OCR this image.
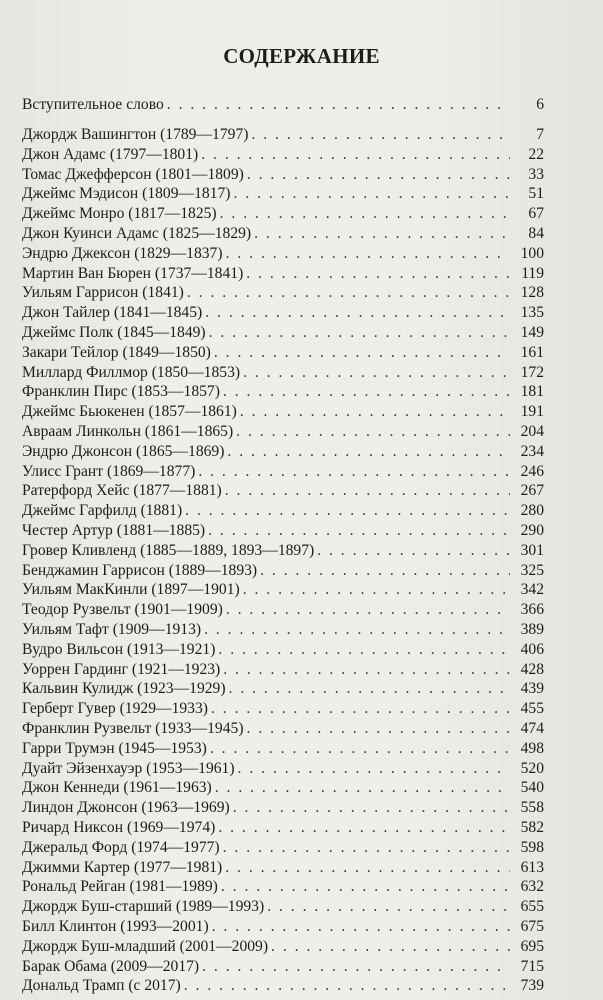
СОДЕРЖАНИЕ
Вступительное слово . . .	6
Джордж Вашингтон (1789—1797) . . .	7
Джон Адамс (1797—1801) . . .	22
Томас Джефферсон (1801—1809) . . .	33
Джеймс Мэдисон (1809—1817) . . .	51
Джеймс Монро (1817—1825) . . .	67
Джон Куинси Адамс (1825—1829) . . .	84
Эндрю Джексон (1829—1837) . . .	100
Мартин Ван Бюрен (1737—1841) . . .	119
Уильям Гаррисон (1841) . . .	128
Джон Тайлер (1841—1845) . . .	135
Джеймс Полк (1845—1849) . . .	149
Закари Тейлор (1849—1850) . . .	161
Миллард Филлмор (1850—1853) . . .	172
Франклин Пирс (1853—1857) . . .	181
Джеймс Бьюкенен (1857—1861) . . .	191
Авраам Линкольн (1861—1865) . . .	204
Эндрю Джонсон (1865—1869) . . .	234
Улисс Грант (1869—1877) . . .	246
Ратерфорд Хейс (1877—1881) . . .	267
Джеймс Гарфилд (1881) . . .	280
Честер Артур (1881—1885) . . .	290
Гровер Кливленд (1885—1889, 1893—1897) . . .	301
Бенджамин Гаррисон (1889—1893) . . .	325
Уильям МакКинли (1897—1901) . . .	342
Теодор Рузвельт (1901—1909) . . .	366
Уильям Тафт (1909—1913) . . .	389
Вудро Вильсон (1913—1921) . . .	406
Уоррен Гардинг (1921—1923) . . .	428
Кальвин Кулидж (1923—1929) . . .	439
Герберт Гувер (1929—1933) . . .	455
Франклин Рузвельт (1933—1945) . . .	474
Гарри Трумэн (1945—1953) . . .	498
Дуайт Эйзенхауэр (1953—1961) . . .	520
Джон Кеннеди (1961—1963) . . .	540
Линдон Джонсон (1963—1969) . . .	558
Ричард Никсон (1969—1974) . . .	582
Джеральд Форд (1974—1977) . . .	598
Джимми Картер (1977—1981) . . .	613
Рональд Рейган (1981—1989) . . .	632
Джордж Буш-старший (1989—1993) . . .	655
Билл Клинтон (1993—2001) . . .	675
Джордж Буш-младший (2001—2009) . . .	695
Барак Обама (2009—2017) . . .	715
Дональд Трамп (с 2017) . . .	739
